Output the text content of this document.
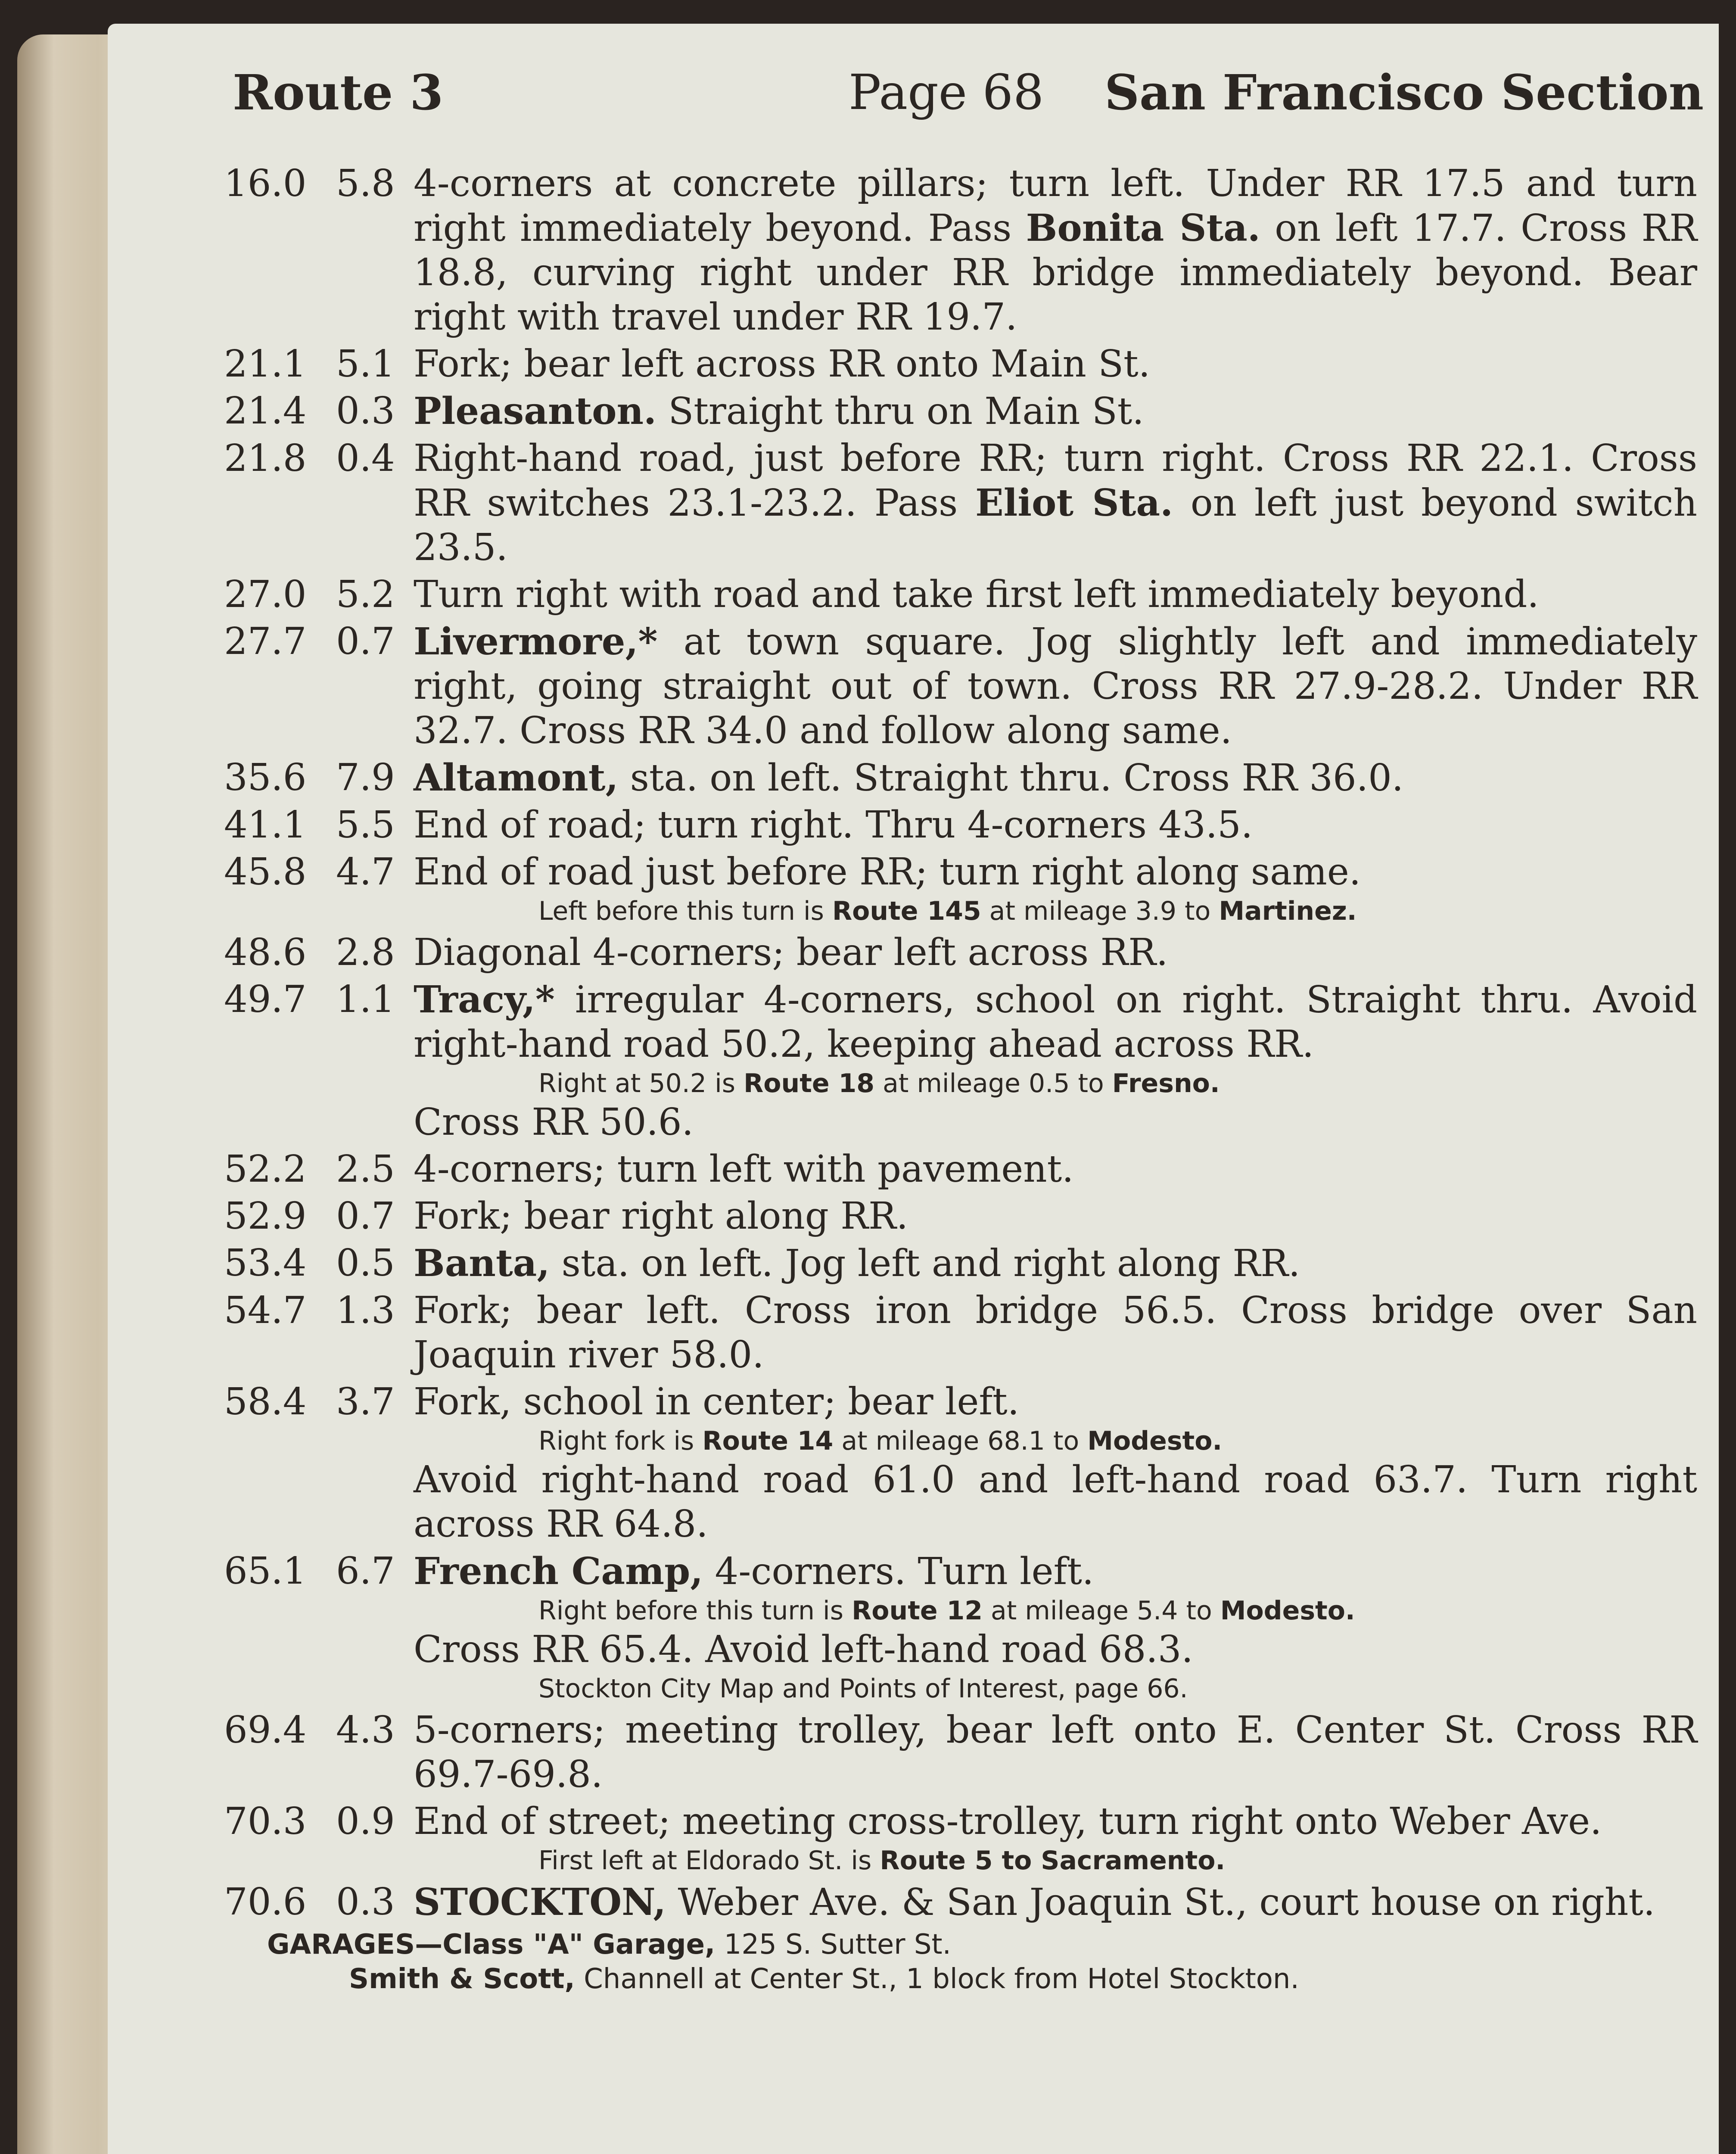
Route 3	Page 68 San Francisco Section
16.0 5.8 4-corners at concrete pillars; turn left. Under RR 17.5 and turn right immediately beyond. Pass Bonita Sta. on left 17.7. Cross RR 18.8, curving right under RR bridge immediately beyond. Bear right with travel under RR 19.7.
21.1 5.1 Fork; bear left across RR onto Main St.
21.4 0.3 Pleasanton. Straight thru on Main St.
21.8 0.4 Right-hand road, just before RR; turn right. Cross RR 22.1. Cross RR switches 23.1-23.2. Pass Eliot Sta. on left just beyond switch 23.5.
27.0 5.2 Turn right with road and take first left immediately beyond.
27.7 0.7 Livermore,* at town square. Jog slightly left and immediately right, going straight out of town. Cross RR 27.9-28.2. Under RR 32.7. Cross RR 34.0 and follow along same.
35.6 7.9 Altamont, sta. on left. Straight thru. Cross RR 36.0.
41.1 5.5 End of road; turn right. Thru 4-corners 43.5.
45.8 4.7 End of road just before RR; turn right along same.
Left before this turn is Route 145 at mileage 3.9 to Martinez.
48.6 2.8 Diagonal 4-corners; bear left across RR.
49.7 1.1 Tracy,* irregular 4-corners, school on right. Straight thru. Avoid right-hand road 50.2, keeping ahead across RR.
Right at 50.2 is Route 18 at mileage 0.5 to Fresno.
Cross RR 50.6.
52.2 2.5 4-corners; turn left with pavement.
52.9 0.7 Fork; bear right along RR.
53.4 0.5 Banta, sta. on left. Jog left and right along RR.
54.7 1.3 Fork; bear left. Cross iron bridge 56.5. Cross bridge over San Joaquin river 58.0.
58.4 3.7 Fork, school in center; bear left.
Right fork is Route 14 at mileage 68.1 to Modesto.
Avoid right-hand road 61.0 and left-hand road 63.7. Turn right across RR 64.8.
65.1 6.7 French Camp, 4-corners. Turn left.
Right before this turn is Route 12 at mileage 5.4 to Modesto.
Cross RR 65.4. Avoid left-hand road 68.3.
Stockton City Map and Points of Interest, page 66.
69.4 4.3 5-corners; meeting trolley, bear left onto E. Center St. Cross RR 69.7-69.8.
70.3 0.9 End of street; meeting cross-trolley, turn right onto Weber Ave.
First left at Eldorado St. is Route 5 to Sacramento.
70.6 0.3 STOCKTON, Weber Ave. & San Joaquin St., court house on right.
GARAGES—Class "A" Garage, 125 S. Sutter St.
Smith & Scott, Channell at Center St., 1 block from Hotel Stockton.
